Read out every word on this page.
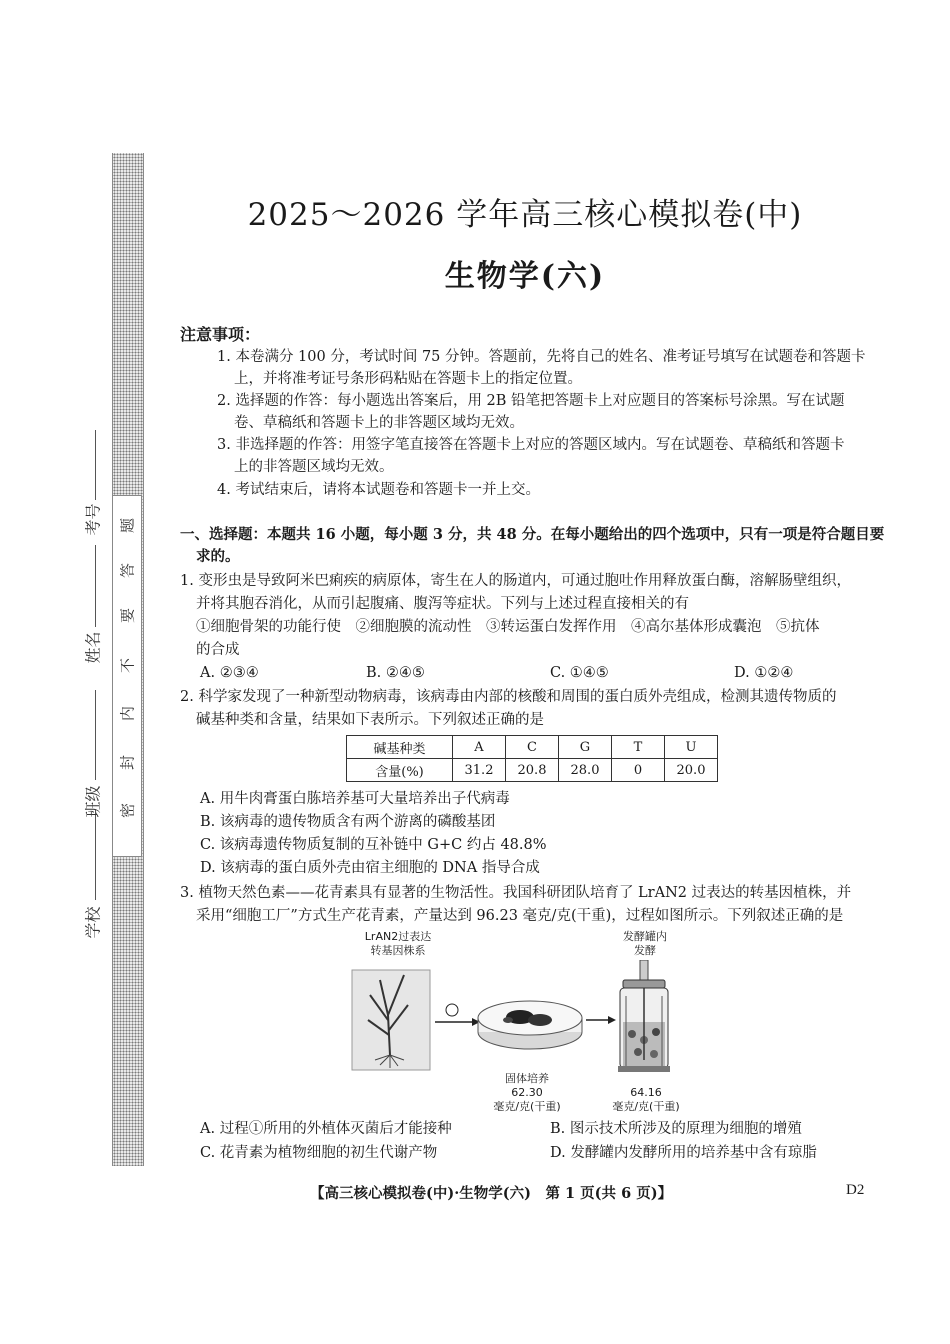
题
答
要
不
内
封
密
学校
班级
姓名
考号
2025～2026 学年高三核心模拟卷(中)
生物学(六)
注意事项：
1. 本卷满分 100 分，考试时间 75 分钟。答题前，先将自己的姓名、准考证号填写在试题卷和答题卡
上，并将准考证号条形码粘贴在答题卡上的指定位置。
2. 选择题的作答：每小题选出答案后，用 2B 铅笔把答题卡上对应题目的答案标号涂黑。写在试题
卷、草稿纸和答题卡上的非答题区域均无效。
3. 非选择题的作答：用签字笔直接答在答题卡上对应的答题区域内。写在试题卷、草稿纸和答题卡
上的非答题区域均无效。
4. 考试结束后，请将本试题卷和答题卡一并上交。
一、选择题：本题共 16 小题，每小题 3 分，共 48 分。在每小题给出的四个选项中，只有一项是符合题目要
求的。
1. 变形虫是导致阿米巴痢疾的病原体，寄生在人的肠道内，可通过胞吐作用释放蛋白酶，溶解肠壁组织，
并将其胞吞消化，从而引起腹痛、腹泻等症状。下列与上述过程直接相关的有
①细胞骨架的功能行使　②细胞膜的流动性　③转运蛋白发挥作用　④高尔基体形成囊泡　⑤抗体
的合成
A. ②③④	B. ②④⑤	C. ①④⑤	D. ①②④
2. 科学家发现了一种新型动物病毒，该病毒由内部的核酸和周围的蛋白质外壳组成，检测其遗传物质的
碱基种类和含量，结果如下表所示。下列叙述正确的是
碱基种类	A	C	G	T	U
含量(%)	31.2	20.8	28.0	0	20.0
A. 用牛肉膏蛋白胨培养基可大量培养出子代病毒
B. 该病毒的遗传物质含有两个游离的磷酸基团
C. 该病毒遗传物质复制的互补链中 G+C 约占 48.8%
D. 该病毒的蛋白质外壳由宿主细胞的 DNA 指导合成
3. 植物天然色素——花青素具有显著的生物活性。我国科研团队培育了 LrAN2 过表达的转基因植株，并
采用“细胞工厂”方式生产花青素，产量达到 96.23 毫克/克(干重)，过程如图所示。下列叙述正确的是
LrAN2过表达
转基因株系
发酵罐内
发酵
固体培养
62.30
毫克/克(干重)
64.16
毫克/克(干重)
A. 过程①所用的外植体灭菌后才能接种	B. 图示技术所涉及的原理为细胞的增殖
C. 花青素为植物细胞的初生代谢产物	D. 发酵罐内发酵所用的培养基中含有琼脂
【高三核心模拟卷(中)·生物学(六)　第 1 页(共 6 页)】	D2
